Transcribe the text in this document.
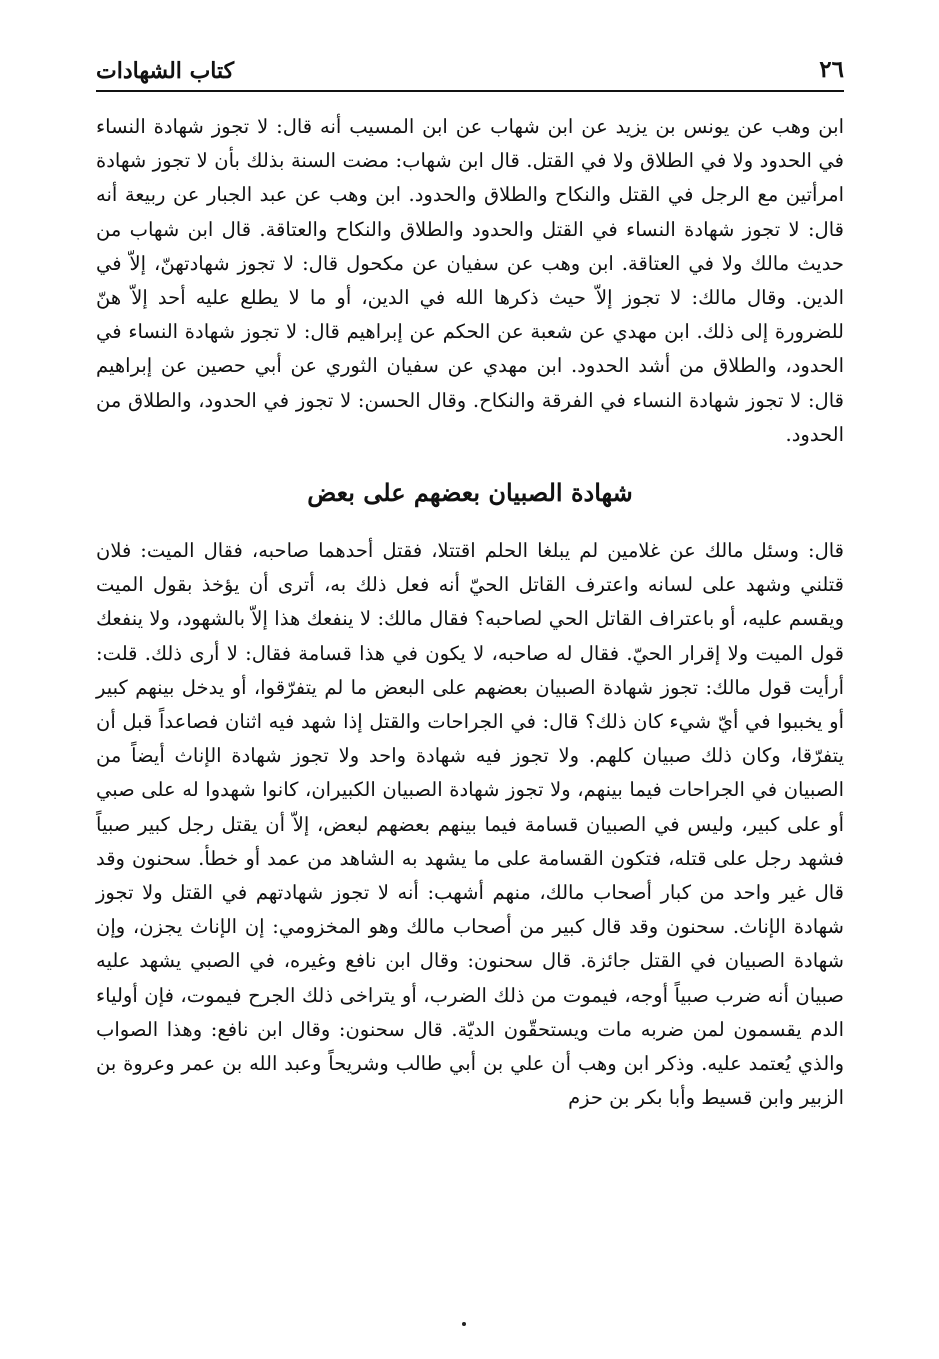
٢٦
كتاب الشهادات

ابن وهب عن يونس بن يزيد عن ابن شهاب عن ابن المسيب أنه قال: لا تجوز شهادة النساء في الحدود ولا في الطلاق ولا في القتل. قال ابن شهاب: مضت السنة بذلك بأن لا تجوز شهادة امرأتين مع الرجل في القتل والنكاح والطلاق والحدود. ابن وهب عن عبد الجبار عن ربيعة أنه قال: لا تجوز شهادة النساء في القتل والحدود والطلاق والنكاح والعتاقة. قال ابن شهاب من حديث مالك ولا في العتاقة. ابن وهب عن سفيان عن مكحول قال: لا تجوز شهادتهنّ، إلاّ في الدين. وقال مالك: لا تجوز إلاّ حيث ذكرها الله في الدين، أو ما لا يطلع عليه أحد إلاّ هنّ للضرورة إلى ذلك. ابن مهدي عن شعبة عن الحكم عن إبراهيم قال: لا تجوز شهادة النساء في الحدود، والطلاق من أشد الحدود. ابن مهدي عن سفيان الثوري عن أبي حصين عن إبراهيم قال: لا تجوز شهادة النساء في الفرقة والنكاح. وقال الحسن: لا تجوز في الحدود، والطلاق من الحدود.

شهادة الصبيان بعضهم على بعض

قال: وسئل مالك عن غلامين لم يبلغا الحلم اقتتلا، فقتل أحدهما صاحبه، فقال الميت: فلان قتلني وشهد على لسانه واعترف القاتل الحيّ أنه فعل ذلك به، أترى أن يؤخذ بقول الميت ويقسم عليه، أو باعتراف القاتل الحي لصاحبه؟ فقال مالك: لا ينفعك هذا إلاّ بالشهود، ولا ينفعك قول الميت ولا إقرار الحيّ. فقال له صاحبه، لا يكون في هذا قسامة فقال: لا أرى ذلك. قلت: أرأيت قول مالك: تجوز شهادة الصبيان بعضهم على البعض ما لم يتفرّقوا، أو يدخل بينهم كبير أو يخببوا في أيّ شيء كان ذلك؟ قال: في الجراحات والقتل إذا شهد فيه اثنان فصاعداً قبل أن يتفرّقا، وكان ذلك صبيان كلهم. ولا تجوز فيه شهادة واحد ولا تجوز شهادة الإناث أيضاً من الصبيان في الجراحات فيما بينهم، ولا تجوز شهادة الصبيان الكبيران، كانوا شهدوا له على صبي أو على كبير، وليس في الصبيان قسامة فيما بينهم بعضهم لبعض، إلاّ أن يقتل رجل كبير صبياً فشهد رجل على قتله، فتكون القسامة على ما يشهد به الشاهد من عمد أو خطأ. سحنون وقد قال غير واحد من كبار أصحاب مالك، منهم أشهب: أنه لا تجوز شهادتهم في القتل ولا تجوز شهادة الإناث. سحنون وقد قال كبير من أصحاب مالك وهو المخزومي: إن الإناث يجزن، وإن شهادة الصبيان في القتل جائزة. قال سحنون: وقال ابن نافع وغيره، في الصبي يشهد عليه صبيان أنه ضرب صبياً أوجه، فيموت من ذلك الضرب، أو يتراخى ذلك الجرح فيموت، فإن أولياء الدم يقسمون لمن ضربه مات ويستحقّون الديّة. قال سحنون: وقال ابن نافع: وهذا الصواب والذي يُعتمد عليه. وذكر ابن وهب أن علي بن أبي طالب وشريحاً وعبد الله بن عمر وعروة بن الزبير وابن قسيط وأبا بكر بن حزم
